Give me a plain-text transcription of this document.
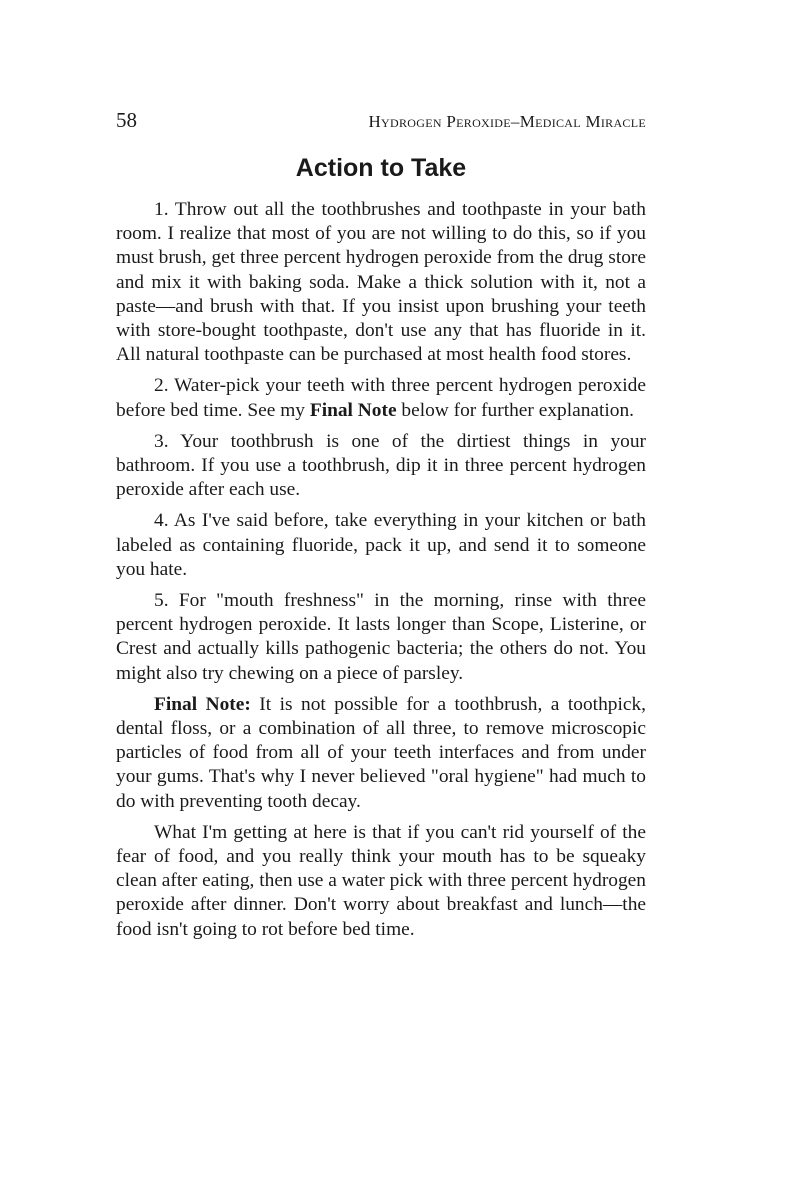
58	Hydrogen Peroxide–Medical Miracle
Action to Take

1. Throw out all the toothbrushes and toothpaste in your bath room. I realize that most of you are not willing to do this, so if you must brush, get three percent hydrogen peroxide from the drug store and mix it with baking soda. Make a thick solution with it, not a paste—and brush with that. If you insist upon brushing your teeth with store-bought toothpaste, don't use any that has fluoride in it. All natural toothpaste can be purchased at most health food stores.

2. Water-pick your teeth with three percent hydrogen peroxide before bed time. See my Final Note below for further explanation.

3. Your toothbrush is one of the dirtiest things in your bathroom. If you use a toothbrush, dip it in three percent hydrogen peroxide after each use.

4. As I've said before, take everything in your kitchen or bath labeled as containing fluoride, pack it up, and send it to someone you hate.

5. For "mouth freshness" in the morning, rinse with three percent hydrogen peroxide. It lasts longer than Scope, Listerine, or Crest and actually kills pathogenic bacteria; the others do not. You might also try chewing on a piece of parsley.

Final Note: It is not possible for a toothbrush, a toothpick, dental floss, or a combination of all three, to remove microscopic particles of food from all of your teeth interfaces and from under your gums. That's why I never believed "oral hygiene" had much to do with preventing tooth decay.

What I'm getting at here is that if you can't rid yourself of the fear of food, and you really think your mouth has to be squeaky clean after eating, then use a water pick with three percent hydrogen peroxide after dinner. Don't worry about breakfast and lunch—the food isn't going to rot before bed time.
